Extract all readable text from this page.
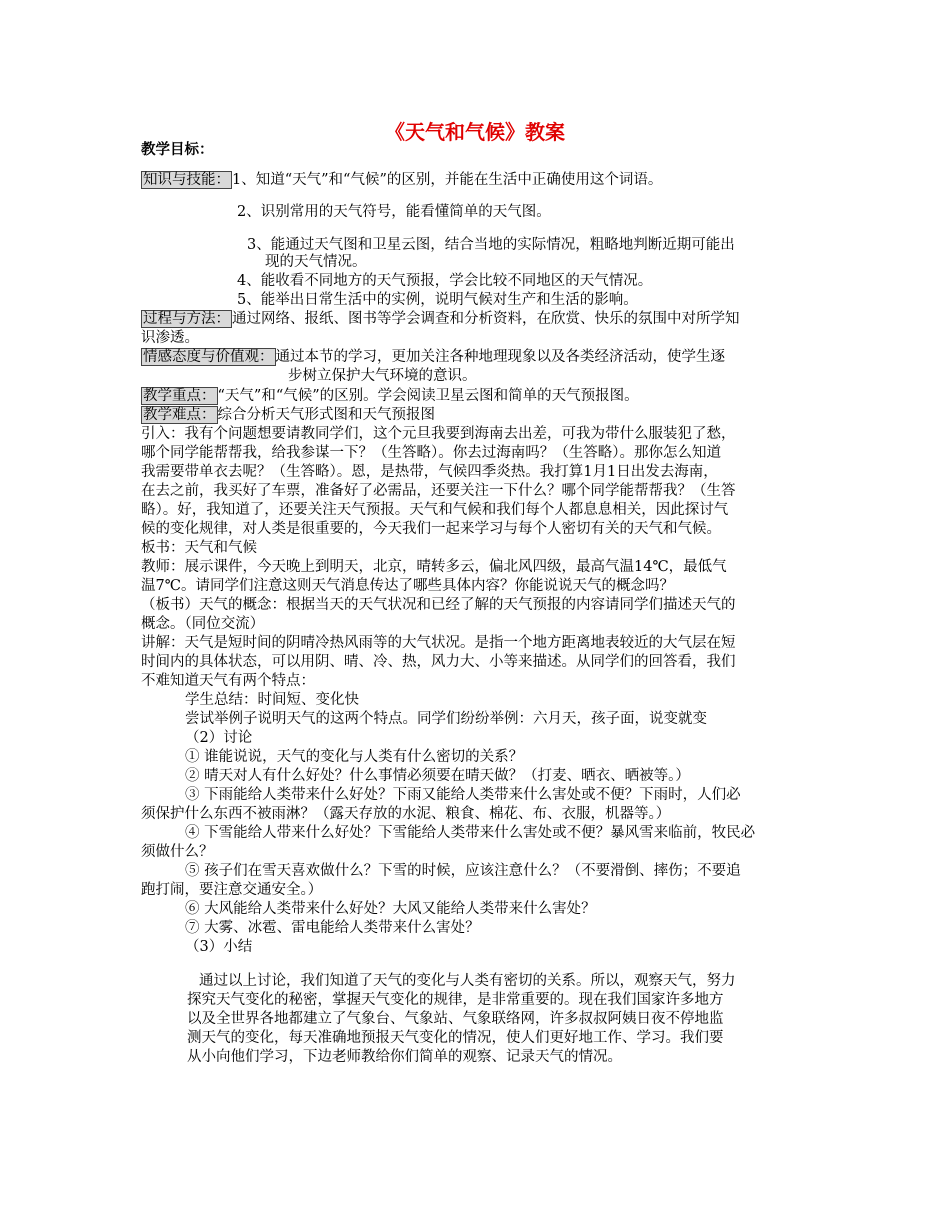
《天气和气候》教案
教学目标：
知识与技能： 1、知道“天气”和“气候”的区别，并能在生活中正确使用这个词语。
2、识别常用的天气符号，能看懂简单的天气图。
3、能通过天气图和卫星云图，结合当地的实际情况，粗略地判断近期可能出
现的天气情况。
4、能收看不同地方的天气预报，学会比较不同地区的天气情况。
5、能举出日常生活中的实例，说明气候对生产和生活的影响。
过程与方法： 通过网络、报纸、图书等学会调查和分析资料，在欣赏、快乐的氛围中对所学知
识渗透。
情感态度与价值观： 通过本节的学习，更加关注各种地理现象以及各类经济活动，使学生逐
步树立保护大气环境的意识。
教学重点： “天气”和“气候”的区别。学会阅读卫星云图和简单的天气预报图。
教学难点： 综合分析天气形式图和天气预报图
引入：我有个问题想要请教同学们，这个元旦我要到海南去出差，可我为带什么服装犯了愁，
哪个同学能帮帮我，给我参谋一下？（生答略）。你去过海南吗？（生答略）。那你怎么知道
我需要带单衣去呢？（生答略）。恩，是热带，气候四季炎热。我打算1月1日出发去海南，
在去之前，我买好了车票，准备好了必需品，还要关注一下什么？哪个同学能帮帮我？（生答
略）。好，我知道了，还要关注天气预报。天气和气候和我们每个人都息息相关，因此探讨气
候的变化规律，对人类是很重要的，今天我们一起来学习与每个人密切有关的天气和气候。
板书：天气和气候
教师：展示课件，今天晚上到明天，北京，晴转多云，偏北风四级，最高气温14℃，最低气
温7℃。请同学们注意这则天气消息传达了哪些具体内容？你能说说天气的概念吗？
（板书）天气的概念：根据当天的天气状况和已经了解的天气预报的内容请同学们描述天气的
概念。（同位交流）
讲解：天气是短时间的阴晴冷热风雨等的大气状况。是指一个地方距离地表较近的大气层在短
时间内的具体状态，可以用阴、晴、冷、热，风力大、小等来描述。从同学们的回答看，我们
不难知道天气有两个特点：
学生总结：时间短、变化快
尝试举例子说明天气的这两个特点。同学们纷纷举例：六月天，孩子面，说变就变
（2）讨论
① 谁能说说，天气的变化与人类有什么密切的关系？
② 晴天对人有什么好处？什么事情必须要在晴天做？（打麦、晒衣、晒被等。）
③ 下雨能给人类带来什么好处？下雨又能给人类带来什么害处或不便？下雨时，人们必
须保护什么东西不被雨淋？（露天存放的水泥、粮食、棉花、布、衣服，机器等。）
④ 下雪能给人带来什么好处？下雪能给人类带来什么害处或不便？暴风雪来临前，牧民必
须做什么？
⑤ 孩子们在雪天喜欢做什么？下雪的时候，应该注意什么？（不要滑倒、摔伤；不要追
跑打闹，要注意交通安全。）
⑥ 大风能给人类带来什么好处？大风又能给人类带来什么害处？
⑦ 大雾、冰雹、雷电能给人类带来什么害处？
（3）小结
通过以上讨论，我们知道了天气的变化与人类有密切的关系。所以，观察天气，努力
探究天气变化的秘密，掌握天气变化的规律，是非常重要的。现在我们国家许多地方
以及全世界各地都建立了气象台、气象站、气象联络网，许多叔叔阿姨日夜不停地监
测天气的变化，每天准确地预报天气变化的情况，使人们更好地工作、学习。我们要
从小向他们学习，下边老师教给你们简单的观察、记录天气的情况。
